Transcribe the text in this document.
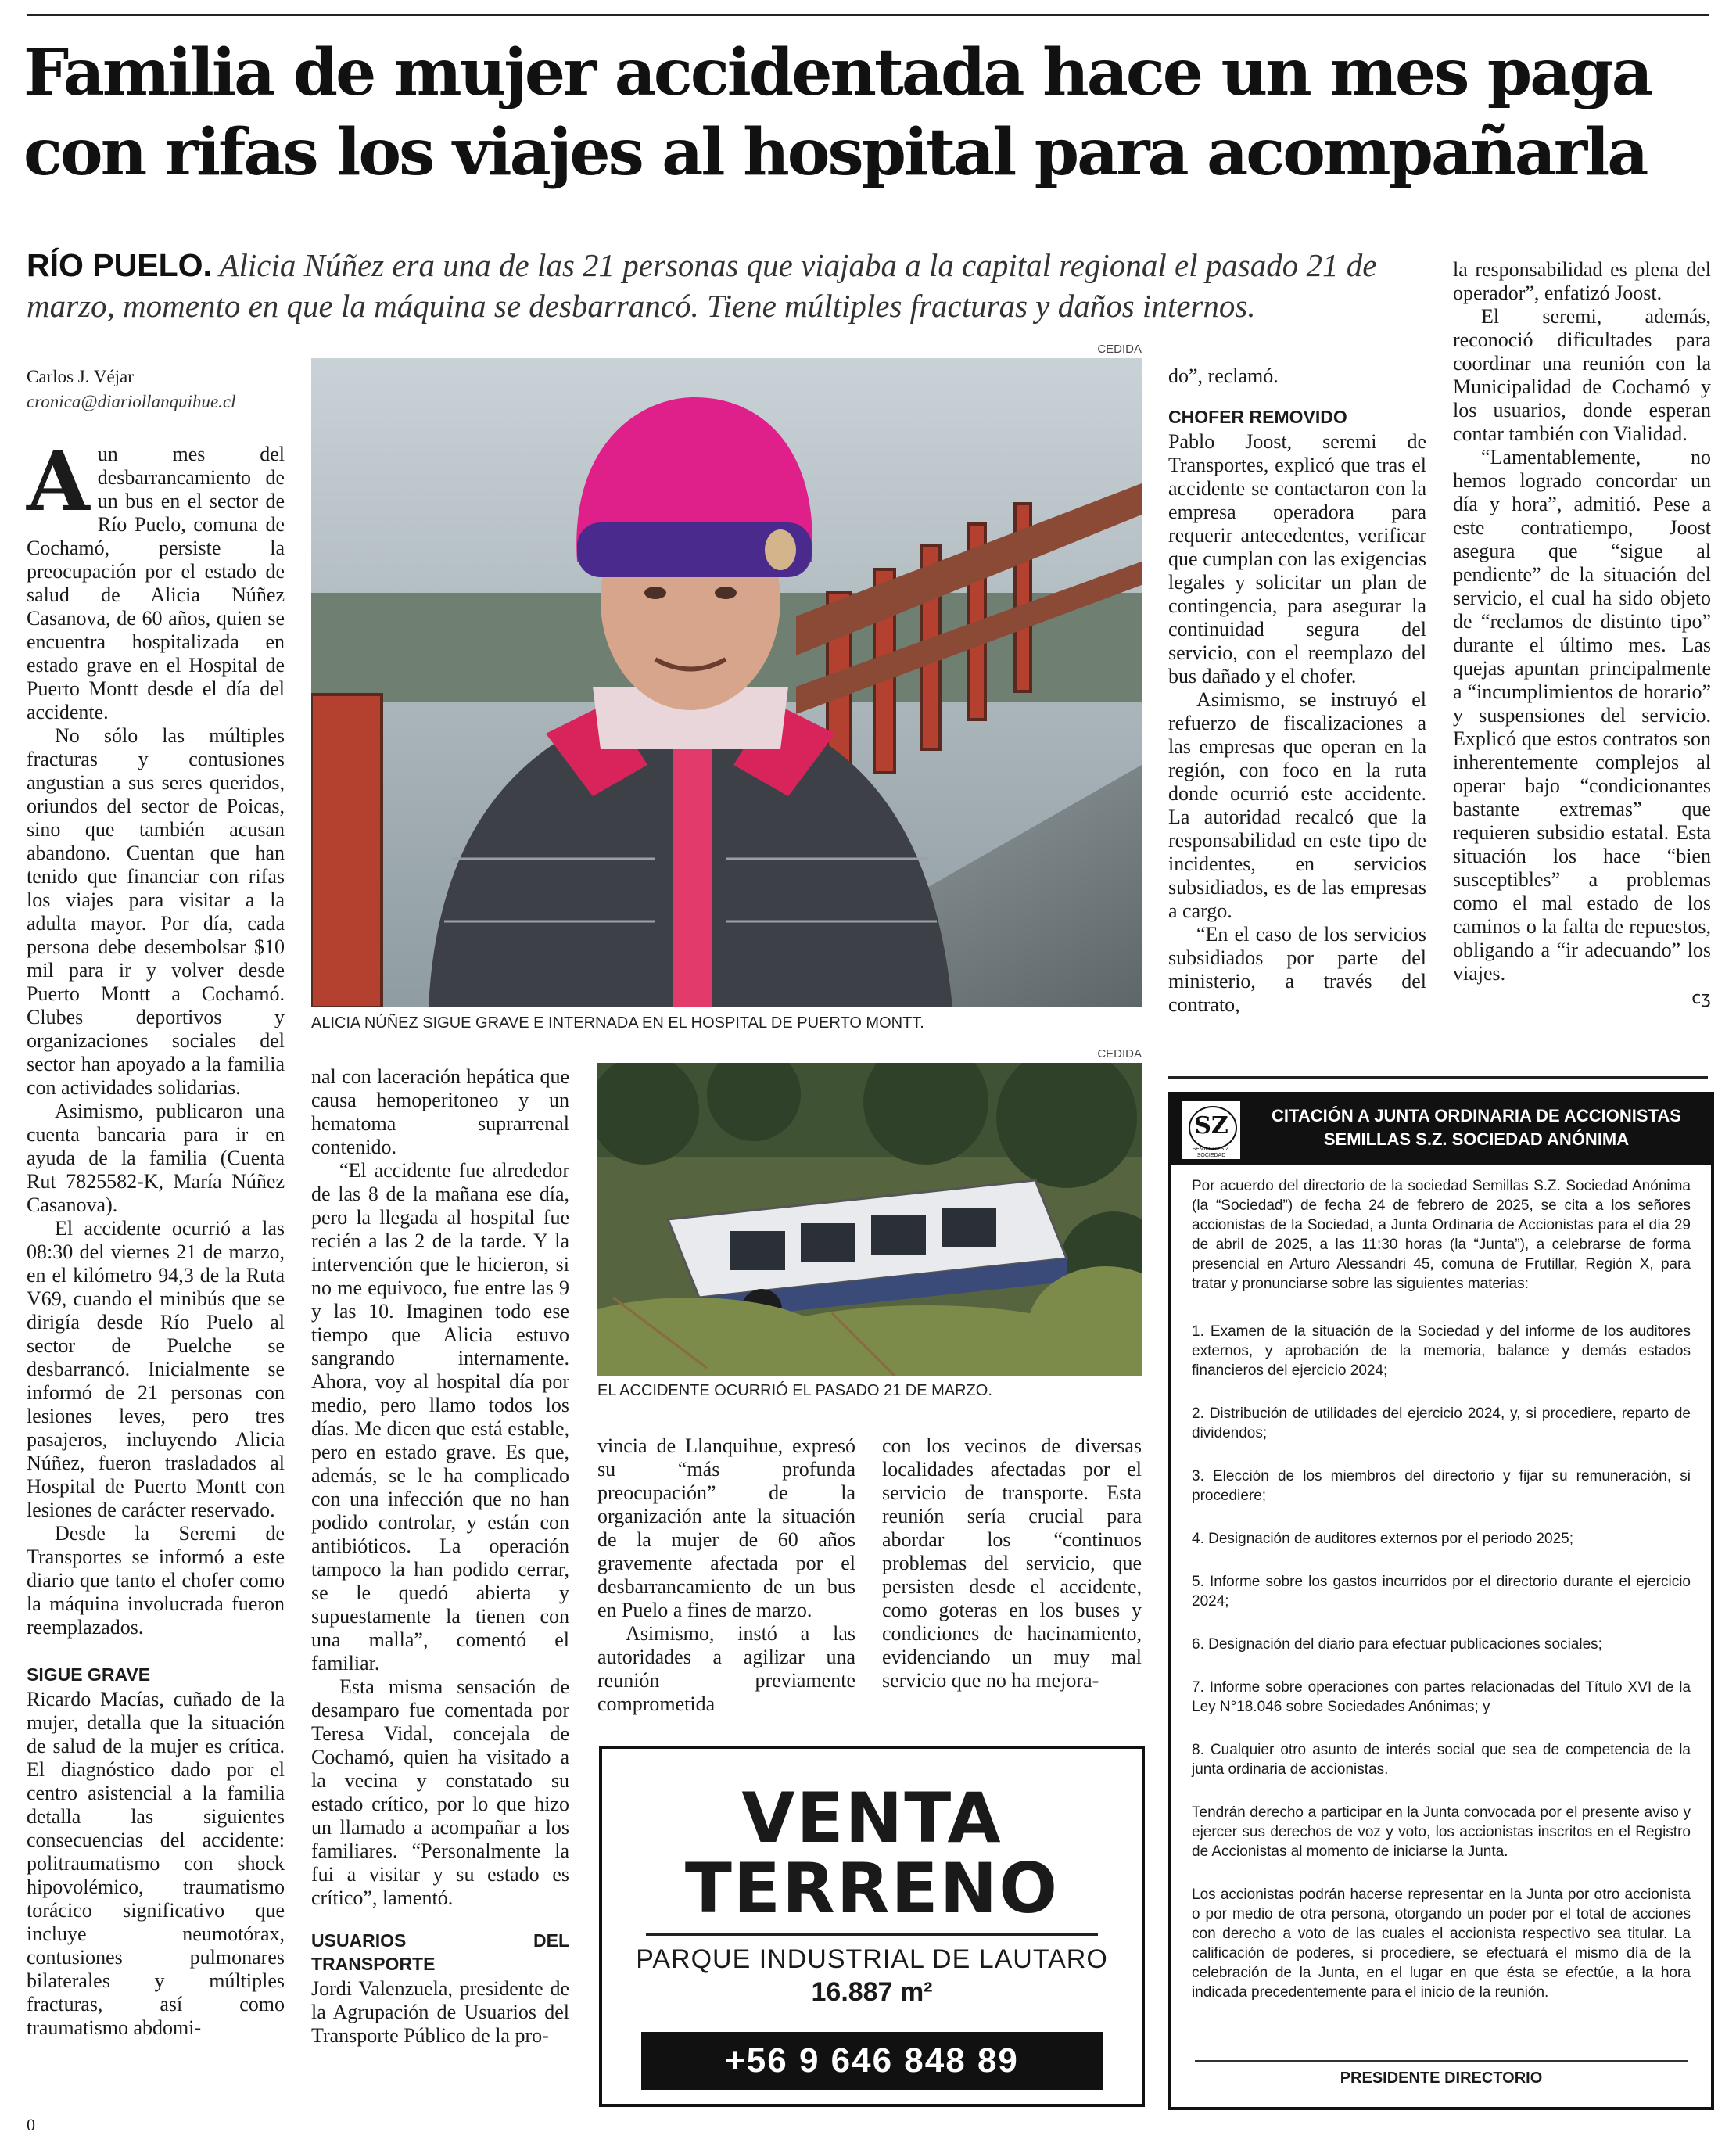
Familia de mujer accidentada hace un mes paga
con rifas los viajes al hospital para acompañarla

RÍO PUELO. Alicia Núñez era una de las 21 personas que viajaba a la capital regional el pasado 21 de marzo, momento en que la máquina se desbarrancó. Tiene múltiples fracturas y daños internos.

Carlos J. Véjar
cronica@diariollanquihue.cl

Aun mes del desbarrancamiento de un bus en el sector de Río Puelo, comuna de Cochamó, persiste la preocupación por el estado de salud de Alicia Núñez Casanova, de 60 años, quien se encuentra hospitalizada en estado grave en el Hospital de Puerto Montt desde el día del accidente.

No sólo las múltiples fracturas y contusiones angustian a sus seres queridos, oriundos del sector de Poicas, sino que también acusan abandono. Cuentan que han tenido que financiar con rifas los viajes para visitar a la adulta mayor. Por día, cada persona debe desembolsar $10 mil para ir y volver desde Puerto Montt a Cochamó. Clubes deportivos y organizaciones sociales del sector han apoyado a la familia con actividades solidarias.

Asimismo, publicaron una cuenta bancaria para ir en ayuda de la familia (Cuenta Rut 7825582-K, María Núñez Casanova).

El accidente ocurrió a las 08:30 del viernes 21 de marzo, en el kilómetro 94,3 de la Ruta V69, cuando el minibús que se dirigía desde Río Puelo al sector de Puelche se desbarrancó. Inicialmente se informó de 21 personas con lesiones leves, pero tres pasajeros, incluyendo Alicia Núñez, fueron trasladados al Hospital de Puerto Montt con lesiones de carácter reservado.

Desde la Seremi de Transportes se informó a este diario que tanto el chofer como la máquina involucrada fueron reemplazados.

SIGUE GRAVE

Ricardo Macías, cuñado de la mujer, detalla que la situación de salud de la mujer es crítica. El diagnóstico dado por el centro asistencial a la familia detalla las siguientes consecuencias del accidente: politraumatismo con shock hipovolémico, traumatismo torácico significativo que incluye neumotórax, contusiones pulmonares bilaterales y múltiples fracturas, así como traumatismo abdomi-

0
CEDIDA
ALICIA NÚÑEZ SIGUE GRAVE E INTERNADA EN EL HOSPITAL DE PUERTO MONTT.

nal con laceración hepática que causa hemoperitoneo y un hematoma suprarrenal contenido.

“El accidente fue alrededor de las 8 de la mañana ese día, pero la llegada al hospital fue recién a las 2 de la tarde. Y la intervención que le hicieron, si no me equivoco, fue entre las 9 y las 10. Imaginen todo ese tiempo que Alicia estuvo sangrando internamente. Ahora, voy al hospital día por medio, pero llamo todos los días. Me dicen que está estable, pero en estado grave. Es que, además, se le ha complicado con una infección que no han podido controlar, y están con antibióticos. La operación tampoco la han podido cerrar, se le quedó abierta y supuestamente la tienen con una malla”, comentó el familiar.

Esta misma sensación de desamparo fue comentada por Teresa Vidal, concejala de Cochamó, quien ha visitado a la vecina y constatado su estado crítico, por lo que hizo un llamado a acompañar a los familiares. “Personalmente la fui a visitar y su estado es crítico”, lamentó.

USUARIOS DEL TRANSPORTE

Jordi Valenzuela, presidente de la Agrupación de Usuarios del Transporte Público de la pro-

CEDIDA
EL ACCIDENTE OCURRIÓ EL PASADO 21 DE MARZO.

vincia de Llanquihue, expresó su “más profunda preocupación” de la organización ante la situación de la mujer de 60 años gravemente afectada por el desbarrancamiento de un bus en Puelo a fines de marzo.

Asimismo, instó a las autoridades a agilizar una reunión previamente comprometida

con los vecinos de diversas localidades afectadas por el servicio de transporte. Esta reunión sería crucial para abordar los “continuos problemas del servicio, que persisten desde el accidente, como goteras en los buses y condiciones de hacinamiento, evidenciando un muy mal servicio que no ha mejora-

do”, reclamó.

CHOFER REMOVIDO

Pablo Joost, seremi de Transportes, explicó que tras el accidente se contactaron con la empresa operadora para requerir antecedentes, verificar que cumplan con las exigencias legales y solicitar un plan de contingencia, para asegurar la continuidad segura del servicio, con el reemplazo del bus dañado y el chofer.

Asimismo, se instruyó el refuerzo de fiscalizaciones a las empresas que operan en la región, con foco en la ruta donde ocurrió este accidente. La autoridad recalcó que la responsabilidad en este tipo de incidentes, en servicios subsidiados, es de las empresas a cargo.

“En el caso de los servicios subsidiados por parte del ministerio, a través del contrato,

la responsabilidad es plena del operador”, enfatizó Joost.

El seremi, además, reconoció dificultades para coordinar una reunión con la Municipalidad de Cochamó y los usuarios, donde esperan contar también con Vialidad.

“Lamentablemente, no hemos logrado concordar un día y hora”, admitió. Pese a este contratiempo, Joost asegura que “sigue al pendiente” de la situación del servicio, el cual ha sido objeto de “reclamos de distinto tipo” durante el último mes. Las quejas apuntan principalmente a “incumplimientos de horario” y suspensiones del servicio. Explicó que estos contratos son inherentemente complejos al operar bajo “condicionantes bastante extremas” que requieren subsidio estatal. Esta situación los hace “bien susceptibles” a problemas como el mal estado de los caminos o la falta de repuestos, obligando a “ir adecuando” los viajes.

ᴄʒ

VENTA
TERRENO
PARQUE INDUSTRIAL DE LAUTARO
16.887 m²
+56 9 646 848 89
SZ
SEMILLAS S.Z. SOCIEDAD ANÓNIMA
CITACIÓN A JUNTA ORDINARIA DE ACCIONISTAS
SEMILLAS S.Z. SOCIEDAD ANÓNIMA

Por acuerdo del directorio de la sociedad Semillas S.Z. Sociedad Anónima (la “Sociedad”) de fecha 24 de febrero de 2025, se cita a los señores accionistas de la Sociedad, a Junta Ordinaria de Accionistas para el día 29 de abril de 2025, a las 11:30 horas (la “Junta”), a celebrarse de forma presencial en Arturo Alessandri 45, comuna de Frutillar, Región X, para tratar y pronunciarse sobre las siguientes materias:

1. Examen de la situación de la Sociedad y del informe de los auditores externos, y aprobación de la memoria, balance y demás estados financieros del ejercicio 2024;

2. Distribución de utilidades del ejercicio 2024, y, si procediere, reparto de dividendos;

3. Elección de los miembros del directorio y fijar su remuneración, si procediere;

4. Designación de auditores externos por el periodo 2025;

5. Informe sobre los gastos incurridos por el directorio durante el ejercicio 2024;

6. Designación del diario para efectuar publicaciones sociales;

7. Informe sobre operaciones con partes relacionadas del Título XVI de la Ley N°18.046 sobre Sociedades Anónimas; y

8. Cualquier otro asunto de interés social que sea de competencia de la junta ordinaria de accionistas.

Tendrán derecho a participar en la Junta convocada por el presente aviso y ejercer sus derechos de voz y voto, los accionistas inscritos en el Registro de Accionistas al momento de iniciarse la Junta.

Los accionistas podrán hacerse representar en la Junta por otro accionista o por medio de otra persona, otorgando un poder por el total de acciones con derecho a voto de las cuales el accionista respectivo sea titular. La calificación de poderes, si procediere, se efectuará el mismo día de la celebración de la Junta, en el lugar en que ésta se efectúe, a la hora indicada precedentemente para el inicio de la reunión.

PRESIDENTE DIRECTORIO
